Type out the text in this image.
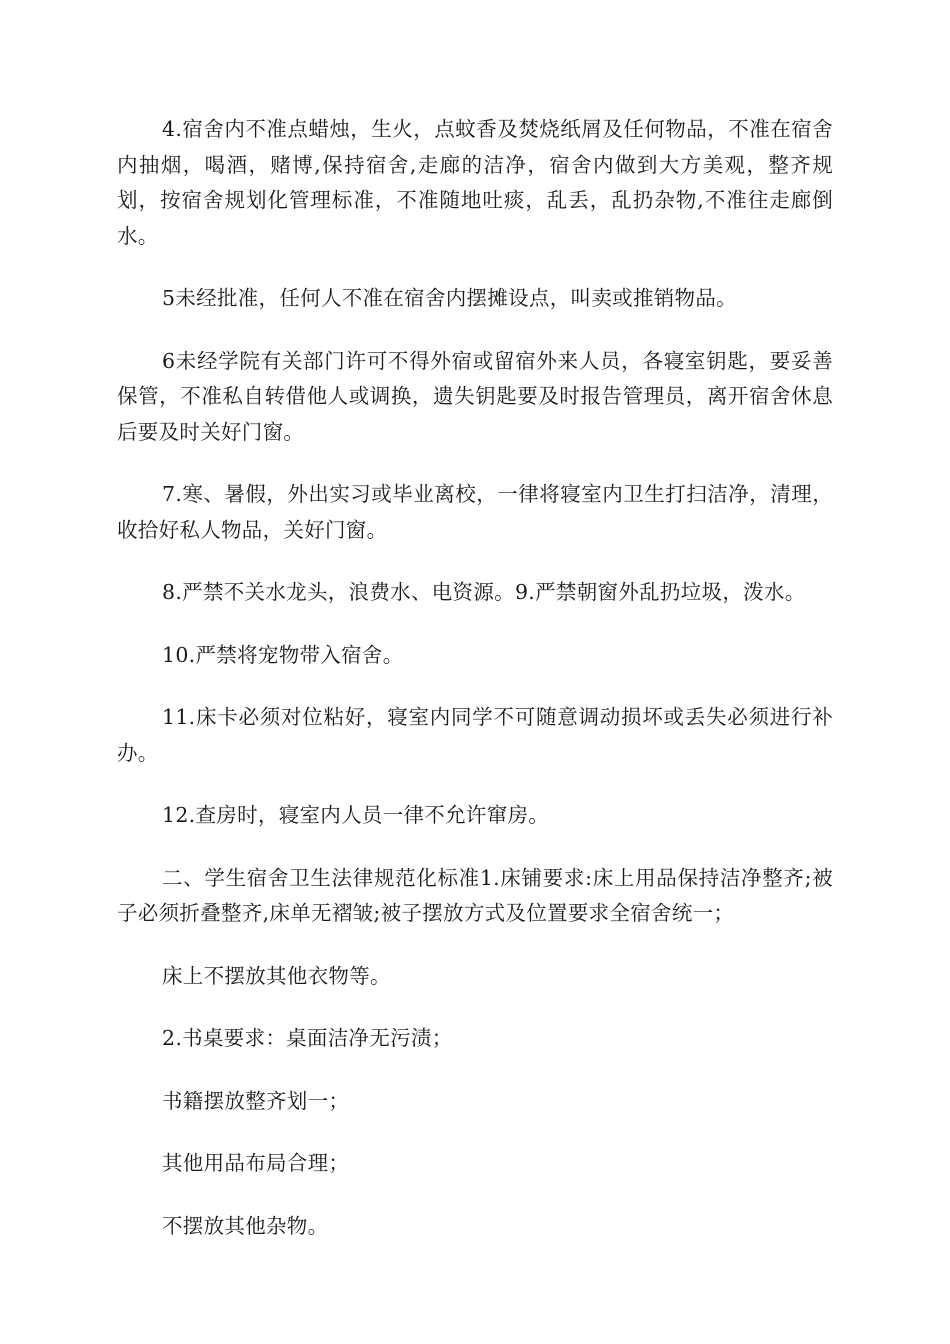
4.宿舍内不准点蜡烛，生火，点蚊香及焚烧纸屑及任何物品，不准在宿舍内抽烟，喝酒，赌博,保持宿舍,走廊的洁净，宿舍内做到大方美观，整齐规划，按宿舍规划化管理标准，不准随地吐痰，乱丢，乱扔杂物,不准往走廊倒水。

5未经批准，任何人不准在宿舍内摆摊设点，叫卖或推销物品。

6未经学院有关部门许可不得外宿或留宿外来人员，各寝室钥匙，要妥善保管，不准私自转借他人或调换，遗失钥匙要及时报告管理员，离开宿舍休息后要及时关好门窗。

7.寒、暑假，外出实习或毕业离校，一律将寝室内卫生打扫洁净，清理，收拾好私人物品，关好门窗。

8.严禁不关水龙头，浪费水、电资源。9.严禁朝窗外乱扔垃圾，泼水。

10.严禁将宠物带入宿舍。

11.床卡必须对位粘好，寝室内同学不可随意调动损坏或丢失必须进行补办。

12.查房时，寝室内人员一律不允许窜房。

二、学生宿舍卫生法律规范化标准1.床铺要求:床上用品保持洁净整齐;被子必须折叠整齐,床单无褶皱;被子摆放方式及位置要求全宿舍统一；

床上不摆放其他衣物等。

2.书桌要求：桌面洁净无污渍；

书籍摆放整齐划一；

其他用品布局合理；

不摆放其他杂物。
